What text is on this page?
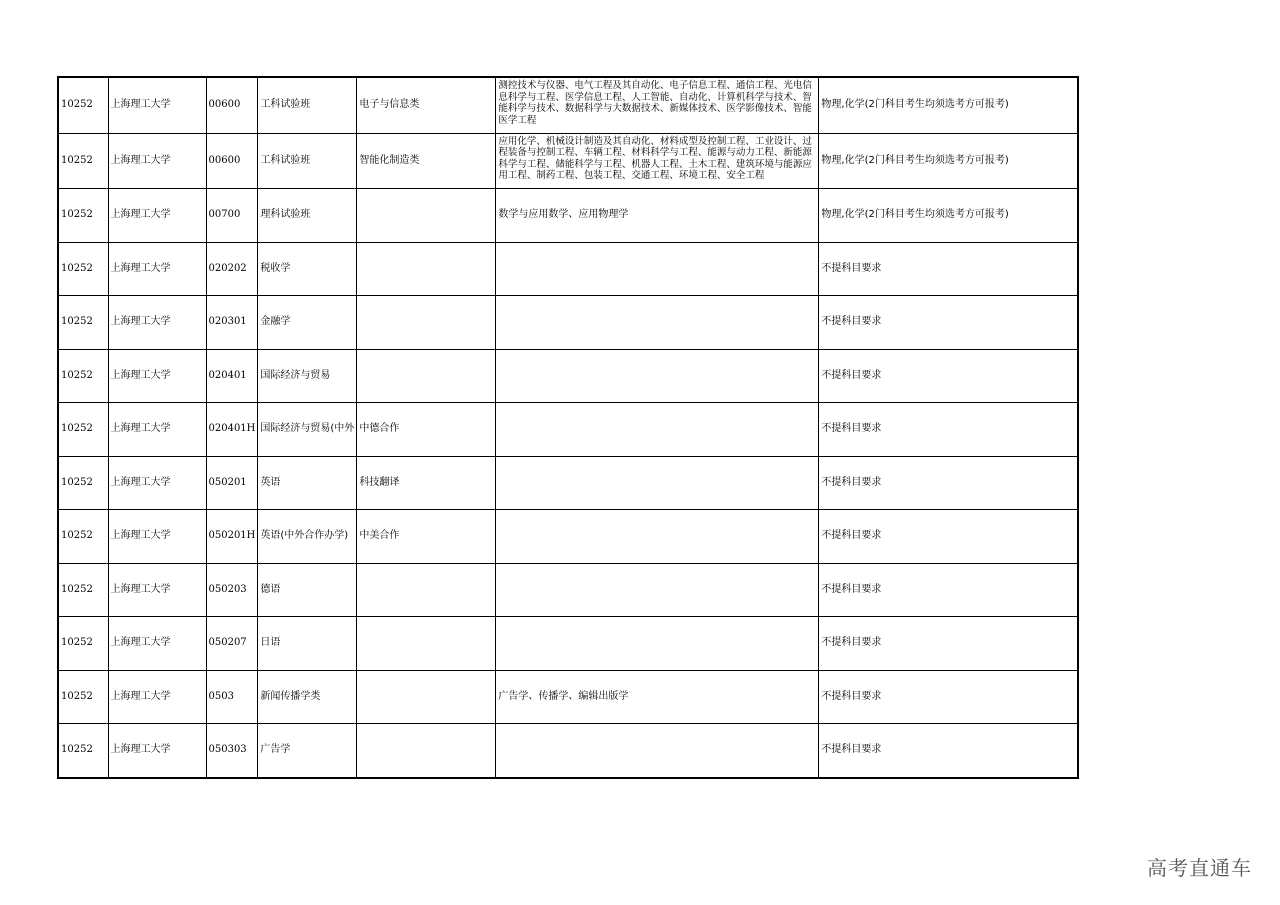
10252	上海理工大学	00600	工科试验班	电子与信息类	测控技术与仪器、电气工程及其自动化、电子信息工程、通信工程、光电信息科学与工程、医学信息工程、人工智能、自动化、计算机科学与技术、智能科学与技术、数据科学与大数据技术、新媒体技术、医学影像技术、智能医学工程	物理,化学(2门科目考生均须选考方可报考)
10252	上海理工大学	00600	工科试验班	智能化制造类	应用化学、机械设计制造及其自动化、材料成型及控制工程、工业设计、过程装备与控制工程、车辆工程、材料科学与工程、能源与动力工程、新能源科学与工程、储能科学与工程、机器人工程、土木工程、建筑环境与能源应用工程、制药工程、包装工程、交通工程、环境工程、安全工程	物理,化学(2门科目考生均须选考方可报考)
10252	上海理工大学	00700	理科试验班		数学与应用数学、应用物理学	物理,化学(2门科目考生均须选考方可报考)
10252	上海理工大学	020202	税收学			不提科目要求
10252	上海理工大学	020301	金融学			不提科目要求
10252	上海理工大学	020401	国际经济与贸易			不提科目要求
10252	上海理工大学	020401H	国际经济与贸易(中外	中德合作		不提科目要求
10252	上海理工大学	050201	英语	科技翻译		不提科目要求
10252	上海理工大学	050201H	英语(中外合作办学)	中美合作		不提科目要求
10252	上海理工大学	050203	德语			不提科目要求
10252	上海理工大学	050207	日语			不提科目要求
10252	上海理工大学	0503	新闻传播学类		广告学、传播学、编辑出版学	不提科目要求
10252	上海理工大学	050303	广告学			不提科目要求
高考直通车
